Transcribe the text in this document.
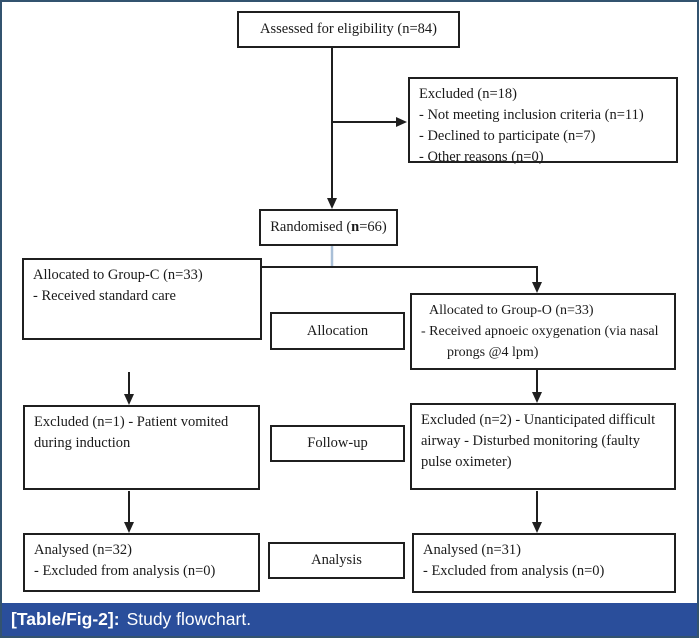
Assessed for eligibility (n=84)
Excluded (n=18)
- Not meeting inclusion criteria (n=11)
- Declined to participate (n=7)
- Other reasons (n=0)
Randomised (n=66)
Allocated to Group-C (n=33)
- Received standard care
Allocation
Allocated to Group-O (n=33)
- Received apnoeic oxygenation (via nasal prongs @4 lpm)
Excluded (n=1) - Patient vomited during induction	Follow-up
Excluded (n=2) - Unanticipated difficult airway - Disturbed monitoring (faulty pulse oximeter)
Analysed (n=32)
- Excluded from analysis (n=0)
Analysis
Analysed (n=31)
- Excluded from analysis (n=0)
[Table/Fig-2]: Study flowchart.
